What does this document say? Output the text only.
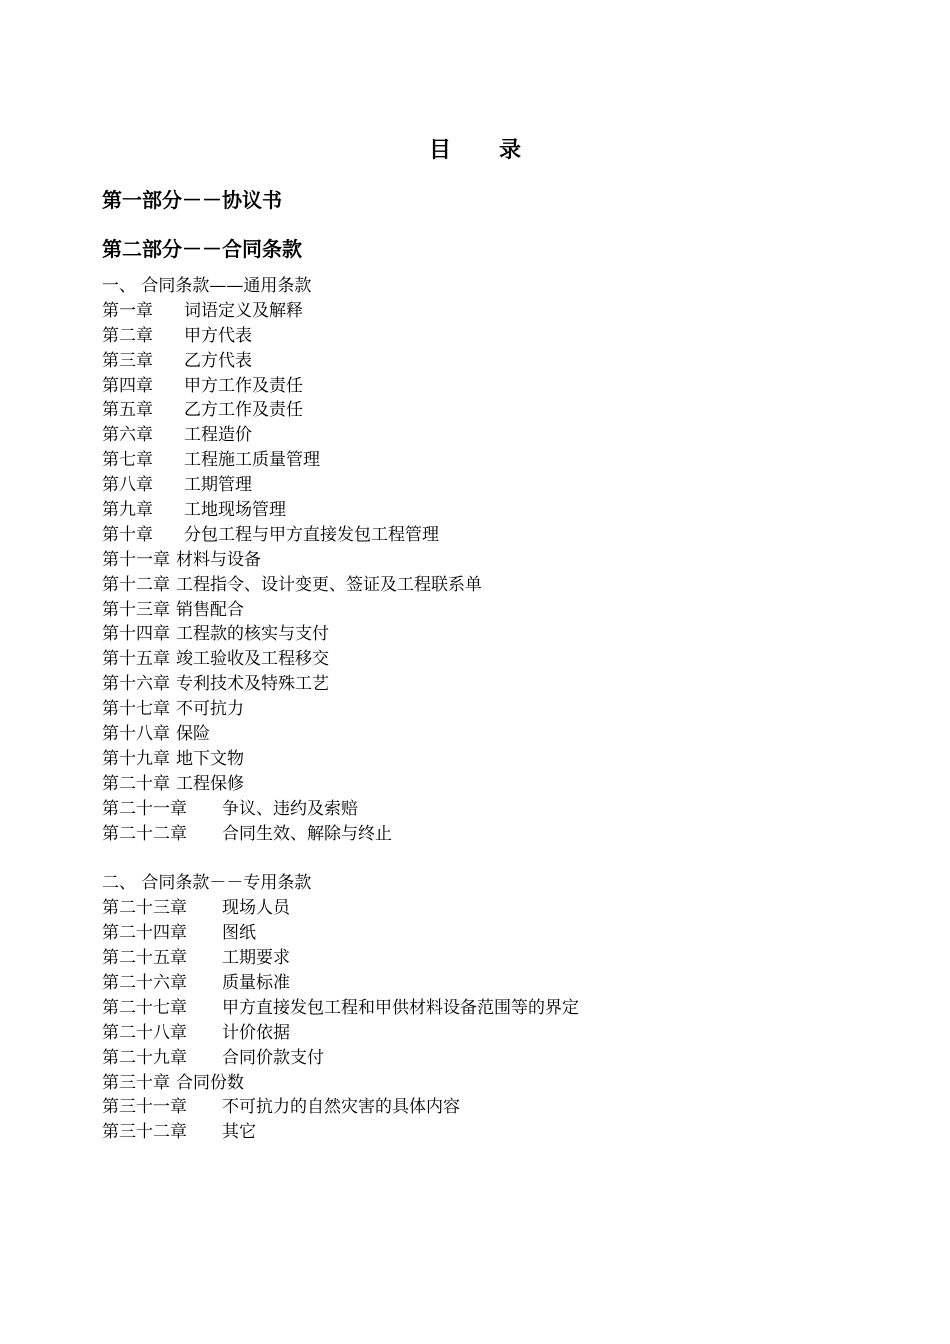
目 录
第一部分－－协议书
第二部分－－合同条款
一、 合同条款——通用条款
第一章 词语定义及解释
第二章 甲方代表
第三章 乙方代表
第四章 甲方工作及责任
第五章 乙方工作及责任
第六章 工程造价
第七章 工程施工质量管理
第八章 工期管理
第九章 工地现场管理
第十章 分包工程与甲方直接发包工程管理
第十一章 材料与设备
第十二章 工程指令、设计变更、签证及工程联系单
第十三章 销售配合
第十四章 工程款的核实与支付
第十五章 竣工验收及工程移交
第十六章 专利技术及特殊工艺
第十七章 不可抗力
第十八章 保险
第十九章 地下文物
第二十章 工程保修
第二十一章 争议、违约及索赔
第二十二章 合同生效、解除与终止
二、 合同条款－－专用条款
第二十三章 现场人员
第二十四章 图纸
第二十五章 工期要求
第二十六章 质量标准
第二十七章 甲方直接发包工程和甲供材料设备范围等的界定
第二十八章 计价依据
第二十九章 合同价款支付
第三十章 合同份数
第三十一章 不可抗力的自然灾害的具体内容
第三十二章 其它
